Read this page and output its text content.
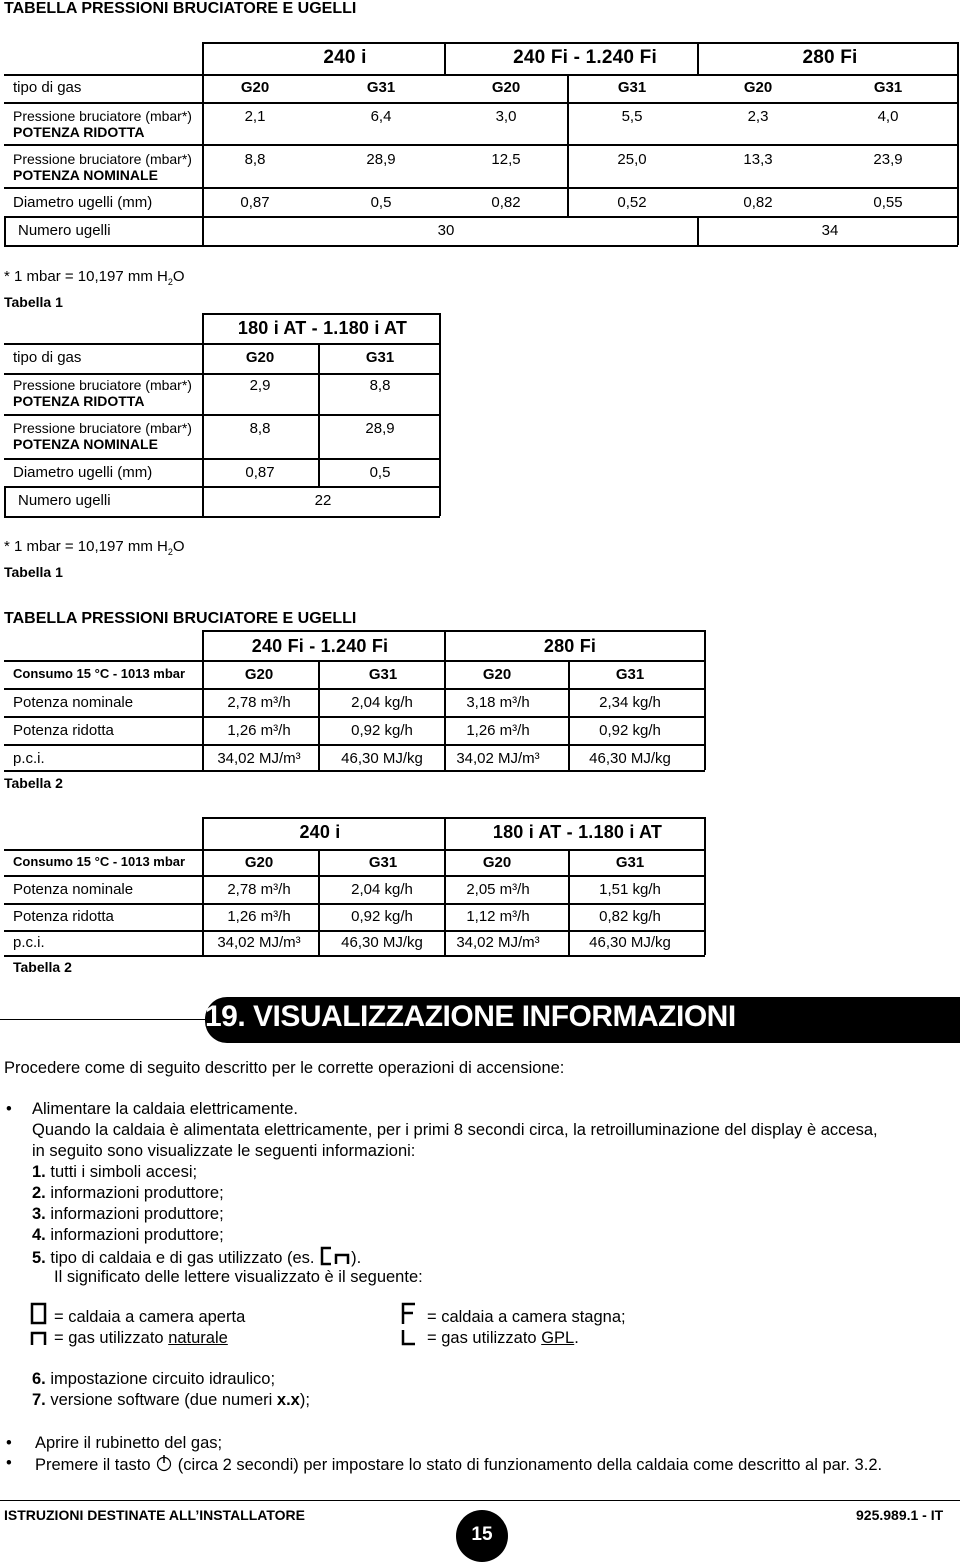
TABELLA PRESSIONI BRUCIATORE E UGELLI
240 i	240 Fi - 1.240 Fi	280 Fi
tipo di gas	G20	G31	G20	G31	G20	G31
Pressione bruciatore (mbar*)
POTENZA RIDOTTA
2,1	6,4	3,0	5,5	2,3	4,0
Pressione bruciatore (mbar*)
POTENZA NOMINALE
8,8	28,9	12,5	25,0	13,3	23,9
Diametro ugelli (mm)	0,87	0,5	0,82	0,52	0,82	0,55
Numero ugelli	30	34
* 1 mbar = 10,197 mm $H_2O$
Tabella 1
180 i AT - 1.180 i AT
tipo di gas	G20	G31
Pressione bruciatore (mbar*)
POTENZA RIDOTTA
2,9	8,8
Pressione bruciatore (mbar*)
POTENZA NOMINALE
8,8	28,9
Diametro ugelli (mm)	0,87	0,5
Numero ugelli	22
* 1 mbar = 10,197 mm $H_2O$
Tabella 1
TABELLA PRESSIONI BRUCIATORE E UGELLI
240 Fi - 1.240 Fi	280 Fi
Consumo 15 °C - 1013 mbar	G20	G31	G20	G31
Potenza nominale	2,78 m³/h	2,04 kg/h	3,18 m³/h	2,34 kg/h
Potenza ridotta	1,26 m³/h	0,92 kg/h	1,26 m³/h	0,92 kg/h
p.c.i.	34,02 MJ/m³	46,30 MJ/kg	34,02 MJ/m³	46,30 MJ/kg
Tabella 2
240 i	180 i AT - 1.180 i AT
Consumo 15 °C - 1013 mbar	G20	G31	G20	G31
Potenza nominale	2,78 m³/h	2,04 kg/h	2,05 m³/h	1,51 kg/h
Potenza ridotta	1,26 m³/h	0,92 kg/h	1,12 m³/h	0,82 kg/h
p.c.i.	34,02 MJ/m³	46,30 MJ/kg	34,02 MJ/m³	46,30 MJ/kg
Tabella 2
19. VISUALIZZAZIONE INFORMAZIONI
Procedere come di seguito descritto per le corrette operazioni di accensione:
• Alimentare la caldaia elettricamente.
Quando la caldaia è alimentata elettricamente, per i primi 8 secondi circa, la retroilluminazione del display è accesa,
in seguito sono visualizzate le seguenti informazioni:
1. tutti i simboli accesi;
2. informazioni produttore;
3. informazioni produttore;
4. informazioni produttore;
5. tipo di caldaia e di gas utilizzato (es. ).
Il significato delle lettere visualizzato è il seguente:
= caldaia a camera aperta
= gas utilizzato naturale
= caldaia a camera stagna;
= gas utilizzato GPL.
6. impostazione circuito idraulico;
7. versione software (due numeri x.x);
• Aprire il rubinetto del gas;
• Premere il tasto  (circa 2 secondi) per impostare lo stato di funzionamento della caldaia come descritto al par. 3.2.
ISTRUZIONI DESTINATE ALL’INSTALLATORE
15
925.989.1 - IT
